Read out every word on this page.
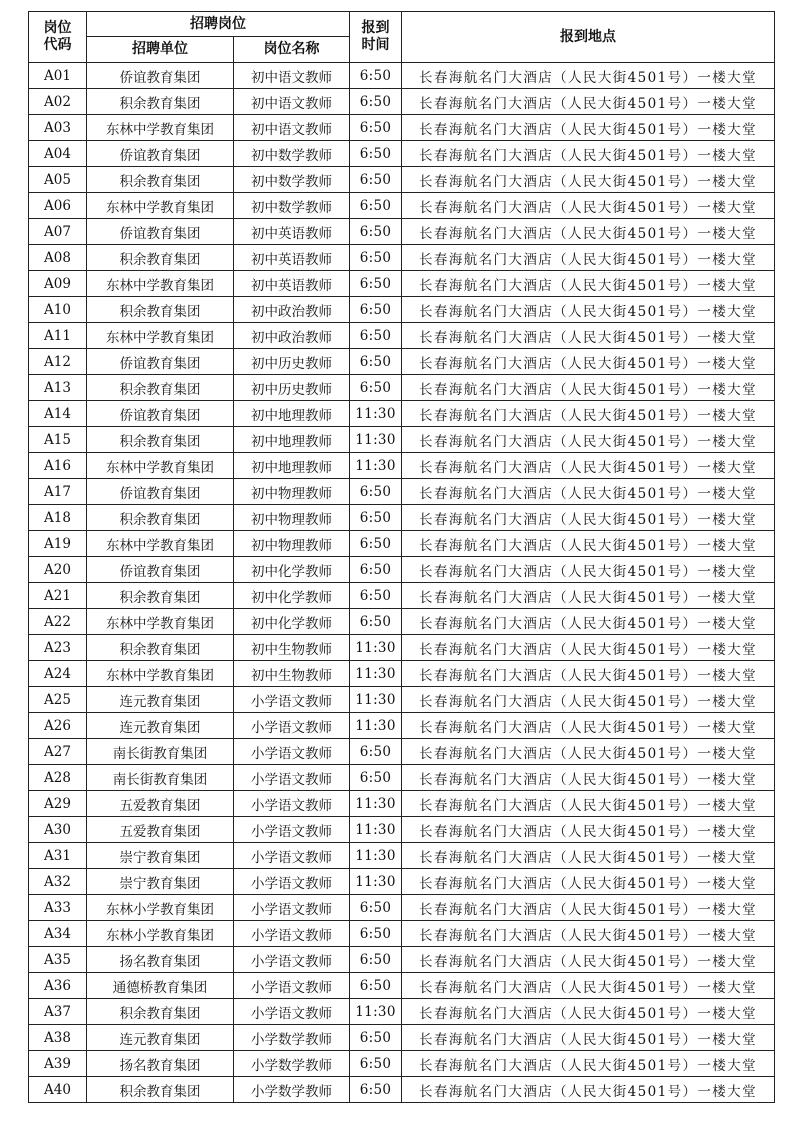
岗位代码	招聘岗位		报到时间	报到地点
	招聘单位	岗位名称		
A01	侨谊教育集团	初中语文教师	6:50	长春海航名门大酒店（人民大街4501号）一楼大堂
A02	积余教育集团	初中语文教师	6:50	长春海航名门大酒店（人民大街4501号）一楼大堂
A03	东林中学教育集团	初中语文教师	6:50	长春海航名门大酒店（人民大街4501号）一楼大堂
A04	侨谊教育集团	初中数学教师	6:50	长春海航名门大酒店（人民大街4501号）一楼大堂
A05	积余教育集团	初中数学教师	6:50	长春海航名门大酒店（人民大街4501号）一楼大堂
A06	东林中学教育集团	初中数学教师	6:50	长春海航名门大酒店（人民大街4501号）一楼大堂
A07	侨谊教育集团	初中英语教师	6:50	长春海航名门大酒店（人民大街4501号）一楼大堂
A08	积余教育集团	初中英语教师	6:50	长春海航名门大酒店（人民大街4501号）一楼大堂
A09	东林中学教育集团	初中英语教师	6:50	长春海航名门大酒店（人民大街4501号）一楼大堂
A10	积余教育集团	初中政治教师	6:50	长春海航名门大酒店（人民大街4501号）一楼大堂
A11	东林中学教育集团	初中政治教师	6:50	长春海航名门大酒店（人民大街4501号）一楼大堂
A12	侨谊教育集团	初中历史教师	6:50	长春海航名门大酒店（人民大街4501号）一楼大堂
A13	积余教育集团	初中历史教师	6:50	长春海航名门大酒店（人民大街4501号）一楼大堂
A14	侨谊教育集团	初中地理教师	11:30	长春海航名门大酒店（人民大街4501号）一楼大堂
A15	积余教育集团	初中地理教师	11:30	长春海航名门大酒店（人民大街4501号）一楼大堂
A16	东林中学教育集团	初中地理教师	11:30	长春海航名门大酒店（人民大街4501号）一楼大堂
A17	侨谊教育集团	初中物理教师	6:50	长春海航名门大酒店（人民大街4501号）一楼大堂
A18	积余教育集团	初中物理教师	6:50	长春海航名门大酒店（人民大街4501号）一楼大堂
A19	东林中学教育集团	初中物理教师	6:50	长春海航名门大酒店（人民大街4501号）一楼大堂
A20	侨谊教育集团	初中化学教师	6:50	长春海航名门大酒店（人民大街4501号）一楼大堂
A21	积余教育集团	初中化学教师	6:50	长春海航名门大酒店（人民大街4501号）一楼大堂
A22	东林中学教育集团	初中化学教师	6:50	长春海航名门大酒店（人民大街4501号）一楼大堂
A23	积余教育集团	初中生物教师	11:30	长春海航名门大酒店（人民大街4501号）一楼大堂
A24	东林中学教育集团	初中生物教师	11:30	长春海航名门大酒店（人民大街4501号）一楼大堂
A25	连元教育集团	小学语文教师	11:30	长春海航名门大酒店（人民大街4501号）一楼大堂
A26	连元教育集团	小学语文教师	11:30	长春海航名门大酒店（人民大街4501号）一楼大堂
A27	南长街教育集团	小学语文教师	6:50	长春海航名门大酒店（人民大街4501号）一楼大堂
A28	南长街教育集团	小学语文教师	6:50	长春海航名门大酒店（人民大街4501号）一楼大堂
A29	五爱教育集团	小学语文教师	11:30	长春海航名门大酒店（人民大街4501号）一楼大堂
A30	五爱教育集团	小学语文教师	11:30	长春海航名门大酒店（人民大街4501号）一楼大堂
A31	崇宁教育集团	小学语文教师	11:30	长春海航名门大酒店（人民大街4501号）一楼大堂
A32	崇宁教育集团	小学语文教师	11:30	长春海航名门大酒店（人民大街4501号）一楼大堂
A33	东林小学教育集团	小学语文教师	6:50	长春海航名门大酒店（人民大街4501号）一楼大堂
A34	东林小学教育集团	小学语文教师	6:50	长春海航名门大酒店（人民大街4501号）一楼大堂
A35	扬名教育集团	小学语文教师	6:50	长春海航名门大酒店（人民大街4501号）一楼大堂
A36	通德桥教育集团	小学语文教师	6:50	长春海航名门大酒店（人民大街4501号）一楼大堂
A37	积余教育集团	小学语文教师	11:30	长春海航名门大酒店（人民大街4501号）一楼大堂
A38	连元教育集团	小学数学教师	6:50	长春海航名门大酒店（人民大街4501号）一楼大堂
A39	扬名教育集团	小学数学教师	6:50	长春海航名门大酒店（人民大街4501号）一楼大堂
A40	积余教育集团	小学数学教师	6:50	长春海航名门大酒店（人民大街4501号）一楼大堂
